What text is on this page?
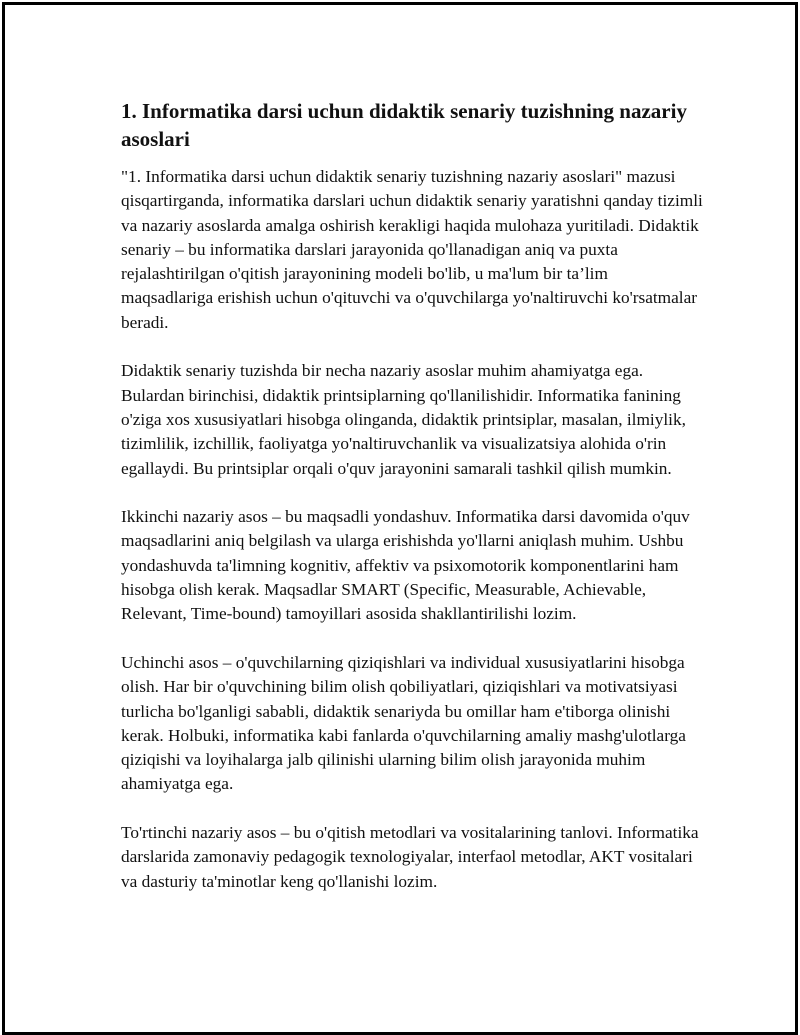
1. Informatika darsi uchun didaktik senariy tuzishning nazariy asoslari

"1. Informatika darsi uchun didaktik senariy tuzishning nazariy asoslari" mazusi qisqartirganda, informatika darslari uchun didaktik senariy yaratishni qanday tizimli va nazariy asoslarda amalga oshirish kerakligi haqida mulohaza yuritiladi. Didaktik senariy – bu informatika darslari jarayonida qo'llanadigan aniq va puxta rejalashtirilgan o'qitish jarayonining modeli bo'lib, u ma'lum bir ta’lim maqsadlariga erishish uchun o'qituvchi va o'quvchilarga yo'naltiruvchi ko'rsatmalar beradi.

Didaktik senariy tuzishda bir necha nazariy asoslar muhim ahamiyatga ega. Bulardan birinchisi, didaktik printsiplarning qo'llanilishidir. Informatika fanining o'ziga xos xususiyatlari hisobga olinganda, didaktik printsiplar, masalan, ilmiylik, tizimlilik, izchillik, faoliyatga yo'naltiruvchanlik va visualizatsiya alohida o'rin egallaydi. Bu printsiplar orqali o'quv jarayonini samarali tashkil qilish mumkin.

Ikkinchi nazariy asos – bu maqsadli yondashuv. Informatika darsi davomida o'quv maqsadlarini aniq belgilash va ularga erishishda yo'llarni aniqlash muhim. Ushbu yondashuvda ta'limning kognitiv, affektiv va psixomotorik komponentlarini ham hisobga olish kerak. Maqsadlar SMART (Specific, Measurable, Achievable, Relevant, Time-bound) tamoyillari asosida shakllantirilishi lozim.

Uchinchi asos – o'quvchilarning qiziqishlari va individual xususiyatlarini hisobga olish. Har bir o'quvchining bilim olish qobiliyatlari, qiziqishlari va motivatsiyasi turlicha bo'lganligi sababli, didaktik senariyda bu omillar ham e'tiborga olinishi kerak. Holbuki, informatika kabi fanlarda o'quvchilarning amaliy mashg'ulotlarga qiziqishi va loyihalarga jalb qilinishi ularning bilim olish jarayonida muhim ahamiyatga ega.

To'rtinchi nazariy asos – bu o'qitish metodlari va vositalarining tanlovi. Informatika darslarida zamonaviy pedagogik texnologiyalar, interfaol metodlar, AKT vositalari va dasturiy ta'minotlar keng qo'llanishi lozim.
